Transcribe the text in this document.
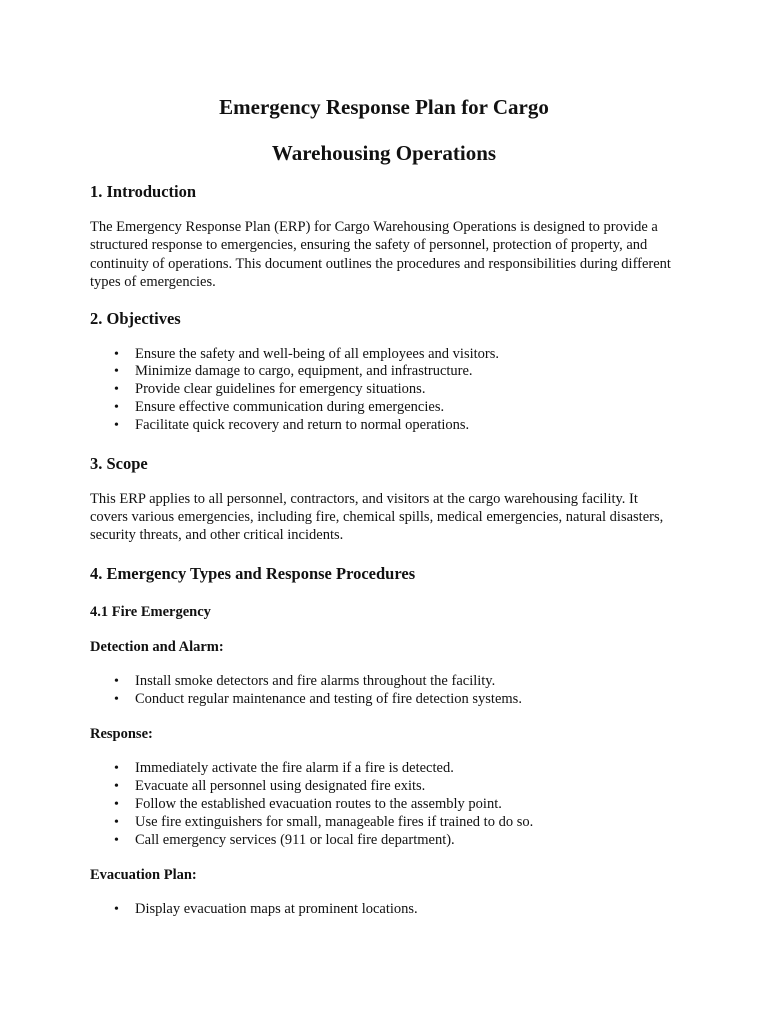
Emergency Response Plan for Cargo
Warehousing Operations
1. Introduction

The Emergency Response Plan (ERP) for Cargo Warehousing Operations is designed to provide a structured response to emergencies, ensuring the safety of personnel, protection of property, and continuity of operations. This document outlines the procedures and responsibilities during different types of emergencies.

2. Objectives
• Ensure the safety and well-being of all employees and visitors.
• Minimize damage to cargo, equipment, and infrastructure.
• Provide clear guidelines for emergency situations.
• Ensure effective communication during emergencies.
• Facilitate quick recovery and return to normal operations.
3. Scope

This ERP applies to all personnel, contractors, and visitors at the cargo warehousing facility. It covers various emergencies, including fire, chemical spills, medical emergencies, natural disasters, security threats, and other critical incidents.

4. Emergency Types and Response Procedures
4.1 Fire Emergency
Detection and Alarm:
• Install smoke detectors and fire alarms throughout the facility.
• Conduct regular maintenance and testing of fire detection systems.
Response:
• Immediately activate the fire alarm if a fire is detected.
• Evacuate all personnel using designated fire exits.
• Follow the established evacuation routes to the assembly point.
• Use fire extinguishers for small, manageable fires if trained to do so.
• Call emergency services (911 or local fire department).
Evacuation Plan:
• Display evacuation maps at prominent locations.
